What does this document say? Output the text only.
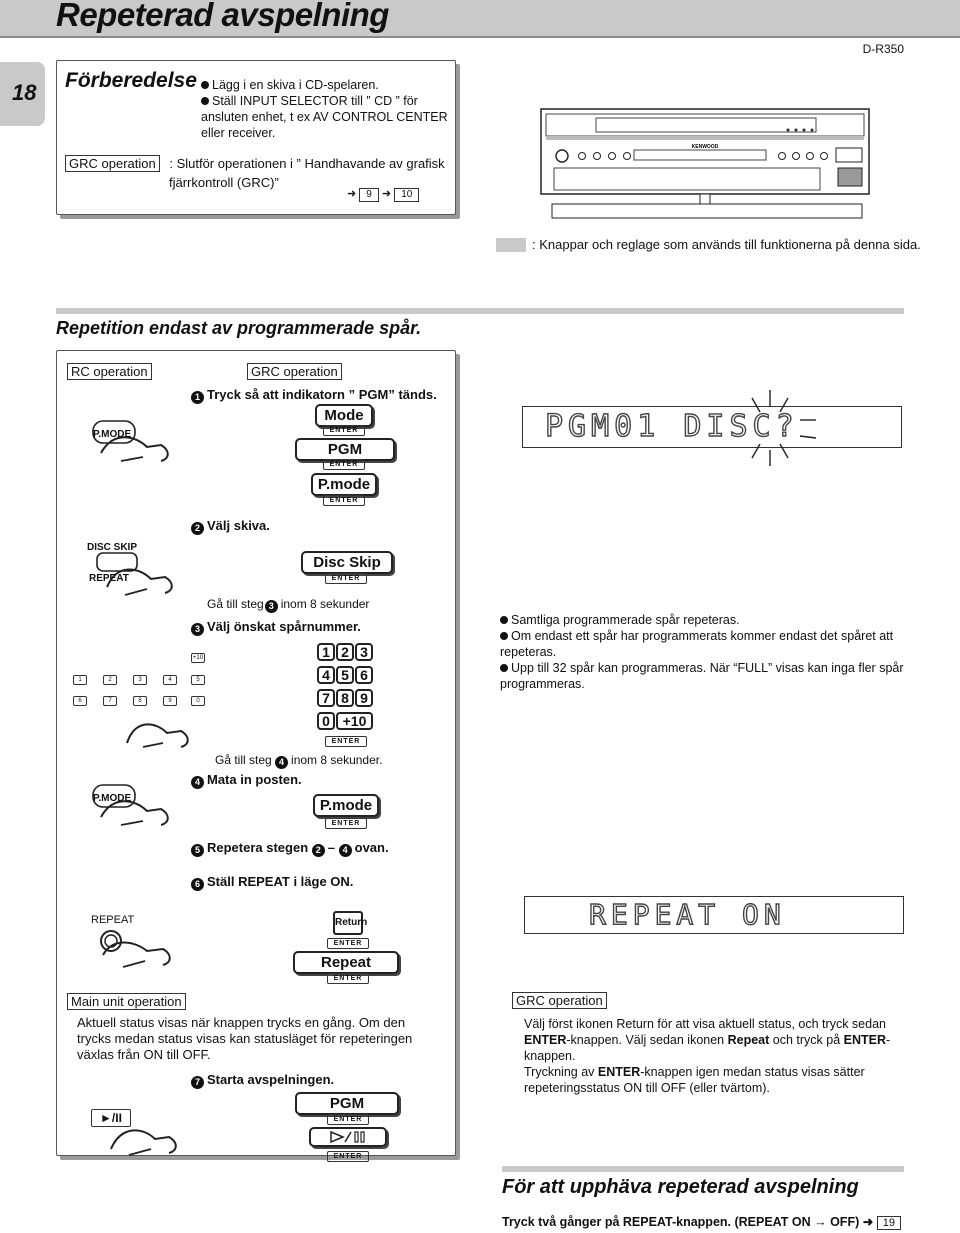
Repeterad avspelning
D-R350
18 Förberedelse	Lägg i en skiva i CD-spelaren.
Ställ INPUT SELECTOR till ” CD ” för ansluten enhet, t ex AV CONTROL CENTER eller receiver.
GRC operation : Slutför operationen i ” Handhavande av grafisk
fjärrkontroll (GRC)”
➜ 9 ➜ 10
KENWOOD
: Knappar och reglage som används till funktionerna på denna sida.
Repetition endast av programmerade spår.
RC operation	GRC operation
1 Tryck så att indikatorn ” PGM” tänds.
P.MODE
Mode
ENTER
PGM
ENTER
P.mode
ENTER
2 Välj skiva.
DISC SKIP
REPEAT
Disc Skip
ENTER
Gå till steg 3 inom 8 sekunder
3 Välj önskat spårnummer.
+10
1	2	3	4	5
6	7	8	9	0
1 2 3
4 5 6
7 8 9
0 +10
ENTER
Gå till steg 4 inom 8 sekunder.
4 Mata in posten.
P.MODE	P.mode
ENTER
5 Repetera stegen 2 – 4 ovan.
6 Ställ REPEAT i läge ON.
REPEAT	Return
ENTER
Repeat
ENTER
Main unit operation
Aktuell status visas när knappen trycks en gång. Om den trycks medan status visas kan statusläget för repeteringen växlas från ON till OFF.
7 Starta avspelningen.
►/II
PGM
ENTER
ENTER
PGM01 DISC?
Samtliga programmerade spår repeteras.
Om endast ett spår har programmerats kommer endast det spåret att repeteras.
Upp till 32 spår kan programmeras. När “FULL” visas kan inga fler spår programmeras.
REPEAT ON
GRC operation
Välj först ikonen Return för att visa aktuell status, och tryck sedan
ENTER-knappen. Välj sedan ikonen Repeat och tryck på ENTER-
knappen.
Tryckning av ENTER-knappen igen medan status visas sätter
repeteringsstatus ON till OFF (eller tvärtom).
För att upphäva repeterad avspelning
Tryck två gånger på REPEAT-knappen. (REPEAT ON → OFF) ➜ 19
